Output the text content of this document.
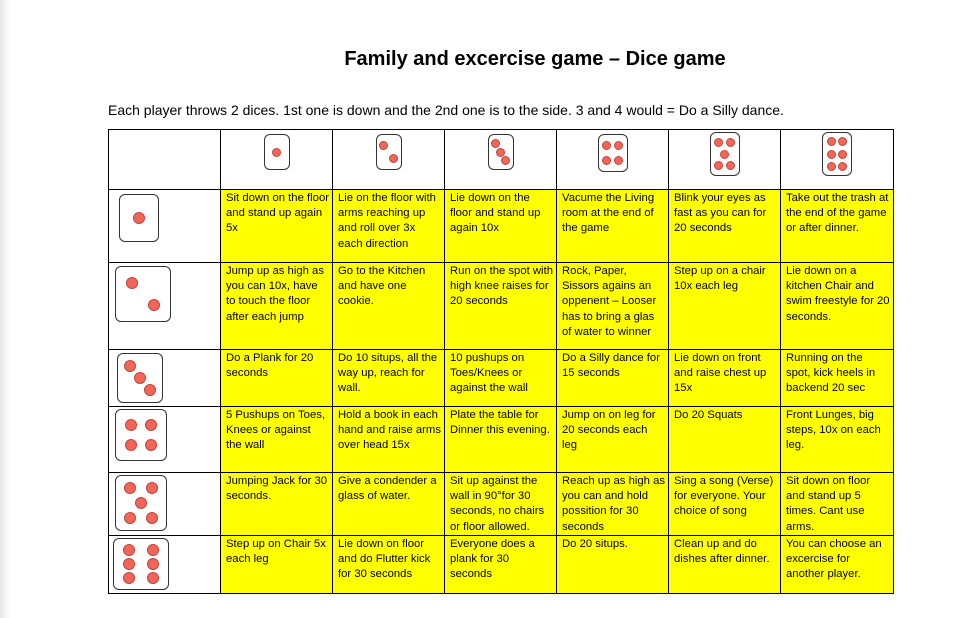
Family and excercise game – Dice game
Each player throws 2 dices. 1st one is down and the 2nd one is to the side. 3 and 4 would = Do a Silly dance.

	Sit down on the floor and stand up again 5x	Lie on the floor with arms reaching up and roll over 3x each direction	Lie down on the floor and stand up again 10x	Vacume the Living room at the end of the game	Blink your eyes as fast as you can for 20 seconds	Take out the trash at the end of the game or after dinner.

	Jump up as high as you can 10x, have to touch the floor after each jump	Go to the Kitchen and have one cookie.	Run on the spot with high knee raises for 20 seconds	Rock, Paper, Sissors agains an oppenent – Looser has to bring a glas of water to winner	Step up on a chair 10x each leg	Lie down on a kitchen Chair and swim freestyle for 20 seconds.

	Do a Plank for 20 seconds	Do 10 situps, all the way up, reach for wall.	10 pushups on Toes/Knees or against the wall	Do a Silly dance for 15 seconds	Lie down on front and raise chest up 15x	Running on the spot, kick heels in backend 20 sec

	5 Pushups on Toes, Knees or against the wall	Hold a book in each hand and raise arms over head 15x	Plate the table for Dinner this evening.	Jump on on leg for 20 seconds each leg	Do 20 Squats	Front Lunges, big steps, 10x on each leg.

	Jumping Jack for 30 seconds.	Give a condender a glass of water.	Sit up against the wall in 90°for 30 seconds, no chairs or floor allowed.	Reach up as high as you can and hold possition for 30 seconds	Sing a song (Verse) for everyone. Your choice of song	Sit down on floor and stand up 5 times. Cant use arms.

	Step up on Chair 5x each leg	Lie down on floor and do Flutter kick for 30 seconds	Everyone does a plank for 30 seconds	Do 20 situps.	Clean up and do dishes after dinner.	You can choose an excercise for another player.
